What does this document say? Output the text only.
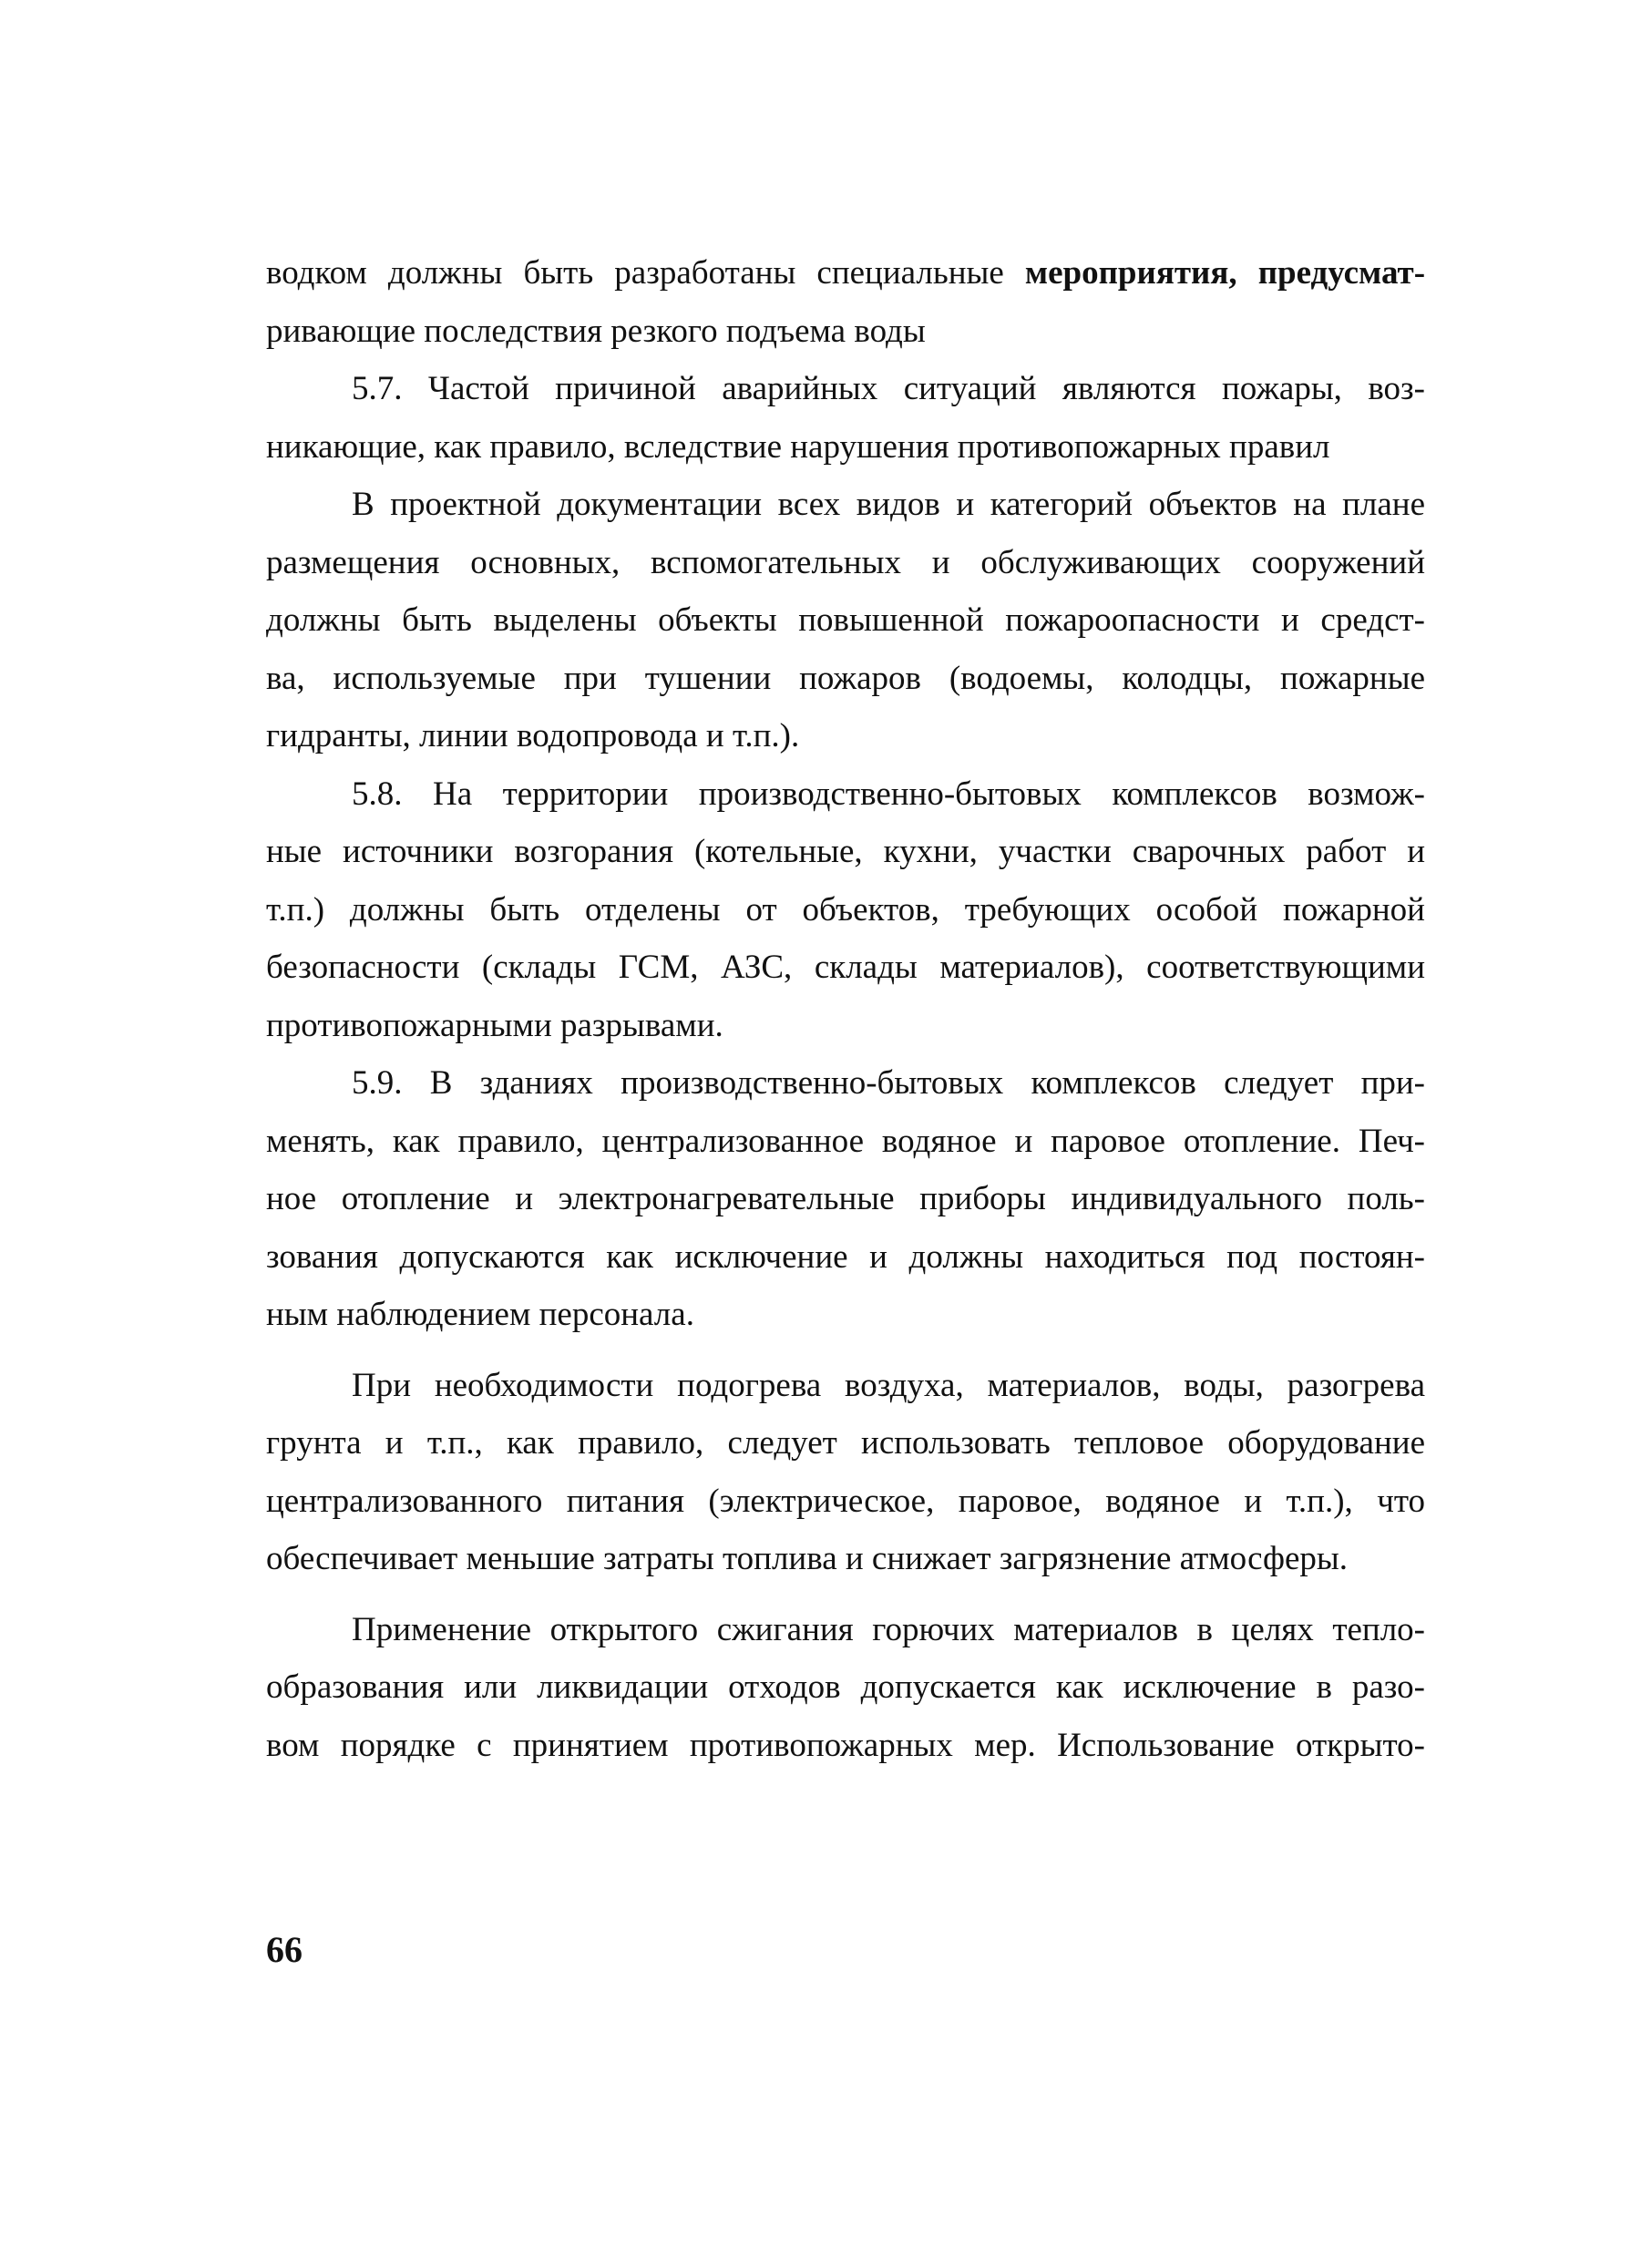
водком должны быть разработаны специальные мероприятия, предусмат-

ривающие последствия резкого подъема воды

5.7. Частой причиной аварийных ситуаций являются пожары, воз-

никающие, как правило, вследствие нарушения противопожарных правил

В проектной документации всех видов и категорий объектов на плане

размещения основных, вспомогательных и обслуживающих сооружений

должны быть выделены объекты повышенной пожароопасности и средст-

ва, используемые при тушении пожаров (водоемы, колодцы, пожарные

гидранты, линии водопровода и т.п.).

5.8. На территории производственно-бытовых комплексов возмож-

ные источники возгорания (котельные, кухни, участки сварочных работ и

т.п.) должны быть отделены от объектов, требующих особой пожарной

безопасности (склады ГСМ, АЗС, склады материалов), соответствующими

противопожарными разрывами.

5.9. В зданиях производственно-бытовых комплексов следует при-

менять, как правило, централизованное водяное и паровое отопление. Печ-

ное отопление и электронагревательные приборы индивидуального поль-

зования допускаются как исключение и должны находиться под постоян-

ным наблюдением персонала.

При необходимости подогрева воздуха, материалов, воды, разогрева

грунта и т.п., как правило, следует использовать тепловое оборудование

централизованного питания (электрическое, паровое, водяное и т.п.), что

обеспечивает меньшие затраты топлива и снижает загрязнение атмосферы.

Применение открытого сжигания горючих материалов в целях тепло-

образования или ликвидации отходов допускается как исключение в разо-

вом порядке с принятием противопожарных мер. Использование открыто-

66
